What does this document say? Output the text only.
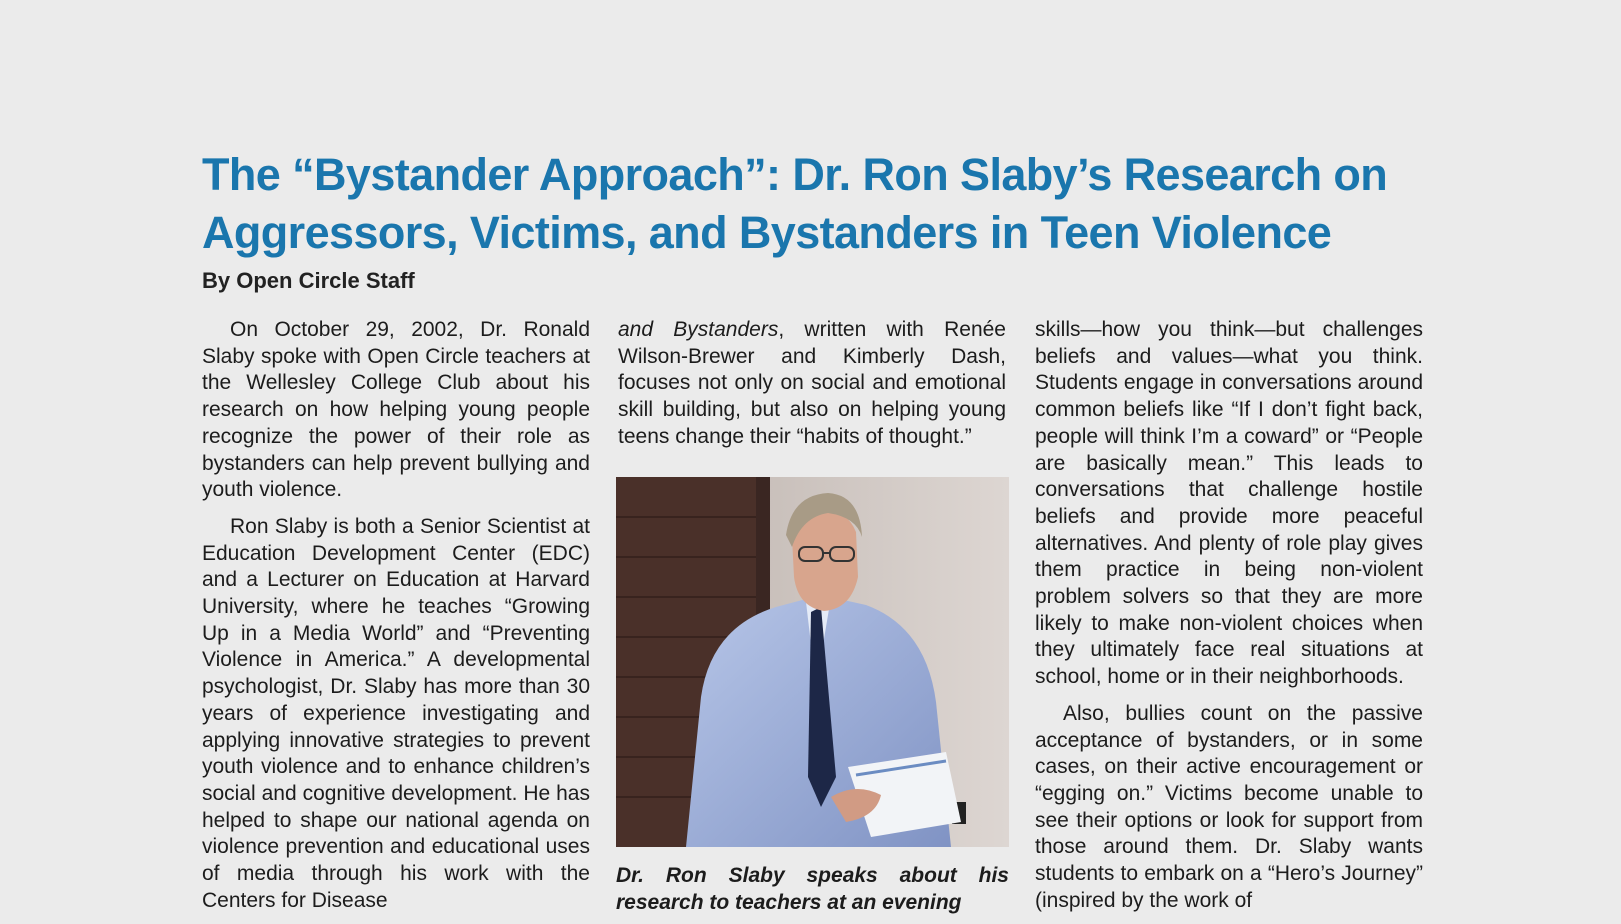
The “Bystander Approach”: Dr. Ron Slaby’s Research on
Aggressors, Victims, and Bystanders in Teen Violence

By Open Circle Staff

On October 29, 2002, Dr. Ronald Slaby spoke with Open Circle teachers at the Wellesley College Club about his research on how helping young people recognize the power of their role as bystanders can help prevent bullying and youth violence.

Ron Slaby is both a Senior Scientist at Education Development Center (EDC) and a Lecturer on Education at Harvard University, where he teaches “Growing Up in a Media World” and “Preventing Violence in America.” A developmental psychologist, Dr. Slaby has more than 30 years of experience investigating and applying innovative strategies to prevent youth violence and to enhance children’s social and cognitive development. He has helped to shape our national agenda on violence prevention and educational uses of media through his work with the Centers for Disease

and Bystanders, written with Renée Wilson-Brewer and Kimberly Dash, focuses not only on social and emotional skill building, but also on helping young teens change their “habits of thought.”

Dr. Ron Slaby speaks about his research to teachers at an evening

skills—how you think—but challenges beliefs and values—what you think. Students engage in conversations around common beliefs like “If I don’t fight back, people will think I’m a coward” or “People are basically mean.” This leads to conversations that challenge hostile beliefs and provide more peaceful alternatives. And plenty of role play gives them practice in being non-violent problem solvers so that they are more likely to make non-violent choices when they ultimately face real situations at school, home or in their neighborhoods.

Also, bullies count on the passive acceptance of bystanders, or in some cases, on their active encouragement or “egging on.” Victims become unable to see their options or look for support from those around them. Dr. Slaby wants students to embark on a “Hero’s Journey” (inspired by the work of
